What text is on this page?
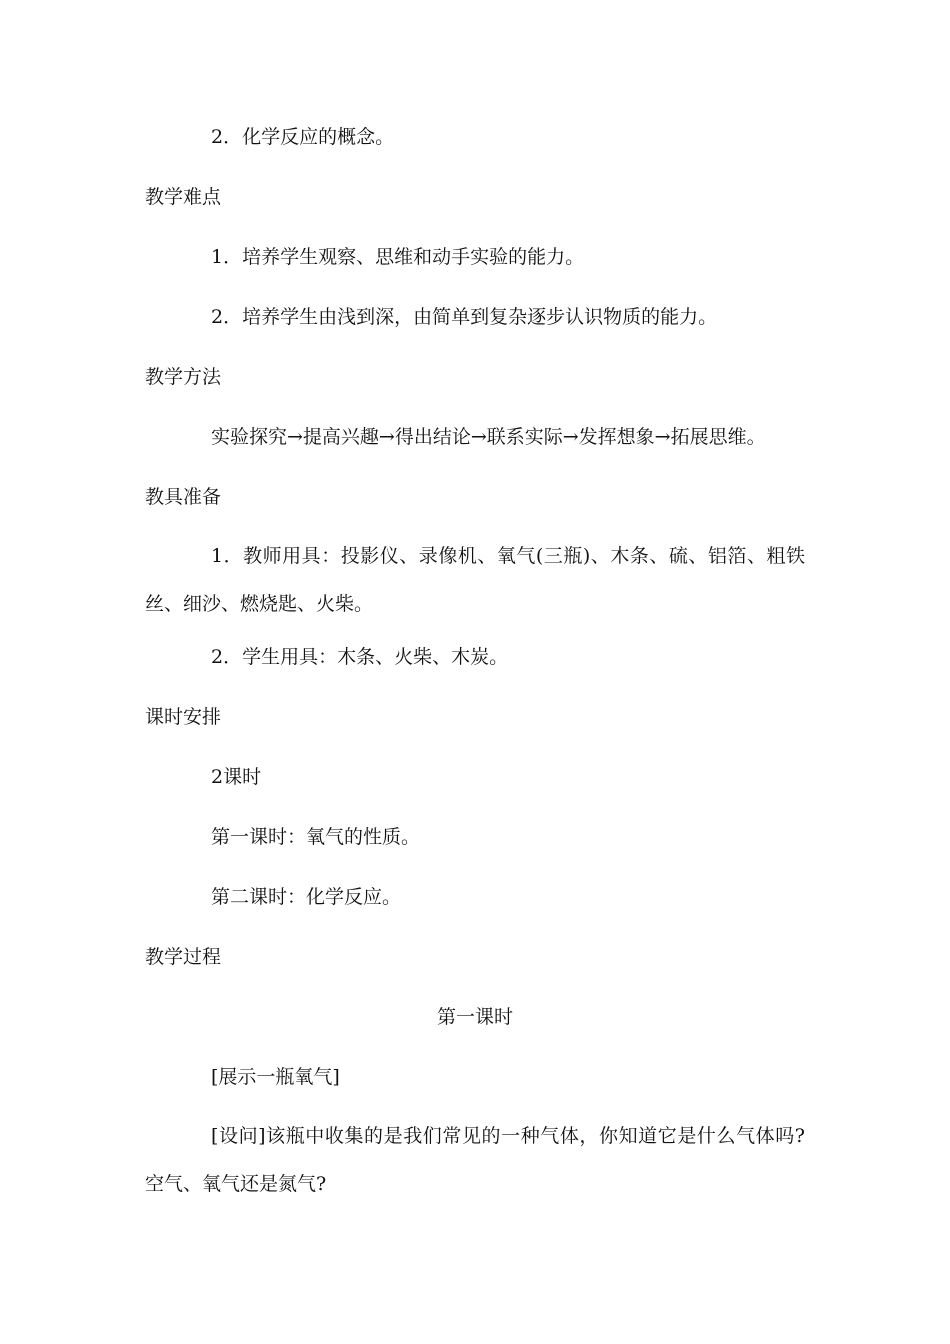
2．化学反应的概念。
教学难点
1．培养学生观察、思维和动手实验的能力。
2．培养学生由浅到深，由简单到复杂逐步认识物质的能力。
教学方法
实验探究→提高兴趣→得出结论→联系实际→发挥想象→拓展思维。
教具准备
1．教师用具：投影仪、录像机、氧气(三瓶)、木条、硫、铝箔、粗铁丝、细沙、燃烧匙、火柴。
2．学生用具：木条、火柴、木炭。
课时安排
2课时
第一课时：氧气的性质。
第二课时：化学反应。
教学过程
第一课时
[展示一瓶氧气]
[设问]该瓶中收集的是我们常见的一种气体，你知道它是什么气体吗?空气、氧气还是氮气?
